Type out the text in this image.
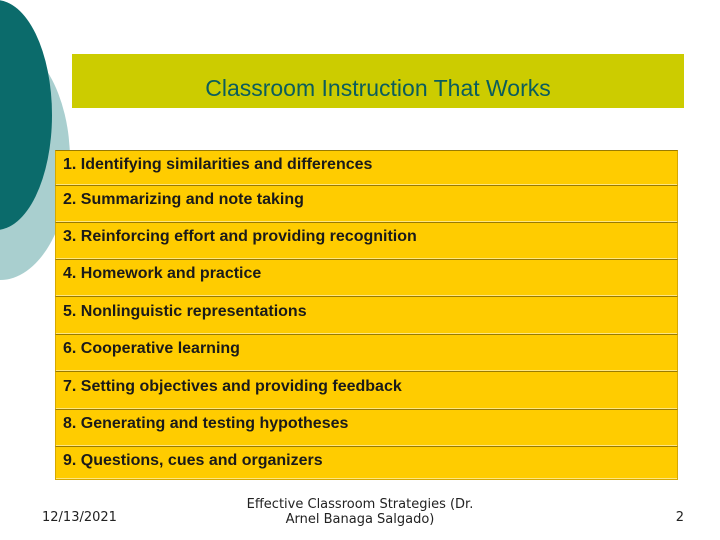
Classroom Instruction That Works
1. Identifying similarities and differences
2. Summarizing and note taking
3. Reinforcing effort and providing recognition
4. Homework and practice
5. Nonlinguistic representations
6. Cooperative learning
7. Setting objectives and providing feedback
8. Generating and testing hypotheses
9. Questions, cues and organizers
12/13/2021
Effective Classroom Strategies (Dr.
Arnel Banaga Salgado)	2
